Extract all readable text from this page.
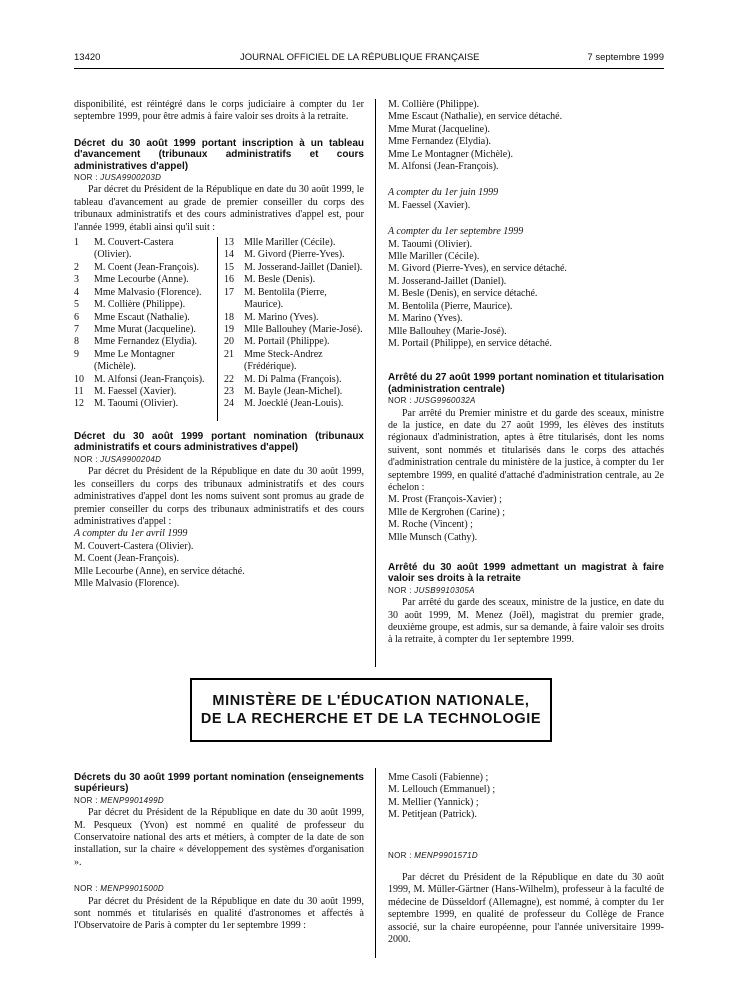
13420	JOURNAL OFFICIEL DE LA RÉPUBLIQUE FRANÇAISE	7 septembre 1999

disponibilité, est réintégré dans le corps judiciaire à compter du 1er septembre 1999, pour être admis à faire valoir ses droits à la retraite.

Décret du 30 août 1999 portant inscription à un tableau d'avancement (tribunaux administratifs et cours administratives d'appel)

NOR : JUSA9900203D

Par décret du Président de la République en date du 30 août 1999, le tableau d'avancement au grade de premier conseiller du corps des tribunaux administratifs et des cours administratives d'appel est, pour l'année 1999, établi ainsi qu'il suit :

1	M. Couvert-Castera (Olivier).
2	M. Coent (Jean-François).
3	Mme Lecourbe (Anne).
4	Mme Malvasio (Florence).
5	M. Collière (Philippe).
6	Mme Escaut (Nathalie).
7	Mme Murat (Jacqueline).
8	Mme Fernandez (Elydia).
9	Mme Le Montagner (Michèle).
10	M. Alfonsi (Jean-François).
11	M. Faessel (Xavier).
12	M. Taoumi (Olivier).
13	Mlle Mariller (Cécile).
14	M. Givord (Pierre-Yves).
15	M. Josserand-Jaillet (Daniel).
16	M. Besle (Denis).
17	M. Bentolila (Pierre, Maurice).
18	M. Marino (Yves).
19	Mlle Ballouhey (Marie-José).
20	M. Portail (Philippe).
21	Mme Steck-Andrez (Frédérique).
22	M. Di Palma (François).
23	M. Bayle (Jean-Michel).
24	M. Joecklé (Jean-Louis).

Décret du 30 août 1999 portant nomination (tribunaux administratifs et cours administratives d'appel)

NOR : JUSA9900204D

Par décret du Président de la République en date du 30 août 1999, les conseillers du corps des tribunaux administratifs et des cours administratives d'appel dont les noms suivent sont promus au grade de premier conseiller du corps des tribunaux administratifs et des cours administratives d'appel :

A compter du 1er avril 1999

M. Couvert-Castera (Olivier).

M. Coent (Jean-François).

Mlle Lecourbe (Anne), en service détaché.

Mlle Malvasio (Florence).

M. Collière (Philippe).

Mme Escaut (Nathalie), en service détaché.

Mme Murat (Jacqueline).

Mme Fernandez (Elydia).

Mme Le Montagner (Michèle).

M. Alfonsi (Jean-François).

A compter du 1er juin 1999

M. Faessel (Xavier).

A compter du 1er septembre 1999

M. Taoumi (Olivier).

Mlle Mariller (Cécile).

M. Givord (Pierre-Yves), en service détaché.

M. Josserand-Jaillet (Daniel).

M. Besle (Denis), en service détaché.

M. Bentolila (Pierre, Maurice).

M. Marino (Yves).

Mlle Ballouhey (Marie-José).

M. Portail (Philippe), en service détaché.

Arrêté du 27 août 1999 portant nomination et titularisation (administration centrale)

NOR : JUSG9960032A

Par arrêté du Premier ministre et du garde des sceaux, ministre de la justice, en date du 27 août 1999, les élèves des instituts régionaux d'administration, aptes à être titularisés, dont les noms suivent, sont nommés et titularisés dans le corps des attachés d'administration centrale du ministère de la justice, à compter du 1er septembre 1999, en qualité d'attaché d'administration centrale, au 2e échelon :

M. Prost (François-Xavier) ;

Mlle de Kergrohen (Carine) ;

M. Roche (Vincent) ;

Mlle Munsch (Cathy).

Arrêté du 30 août 1999 admettant un magistrat à faire valoir ses droits à la retraite

NOR : JUSB9910305A

Par arrêté du garde des sceaux, ministre de la justice, en date du 30 août 1999, M. Menez (Joël), magistrat du premier grade, deuxième groupe, est admis, sur sa demande, à faire valoir ses droits à la retraite, à compter du 1er septembre 1999.

MINISTÈRE DE L'ÉDUCATION NATIONALE,
DE LA RECHERCHE ET DE LA TECHNOLOGIE

Décrets du 30 août 1999 portant nomination (enseignements supérieurs)

NOR : MENP9901499D

Par décret du Président de la République en date du 30 août 1999, M. Pesqueux (Yvon) est nommé en qualité de professeur du Conservatoire national des arts et métiers, à compter de la date de son installation, sur la chaire « développement des systèmes d'organisation ».

NOR : MENP9901500D

Par décret du Président de la République en date du 30 août 1999, sont nommés et titularisés en qualité d'astronomes et affectés à l'Observatoire de Paris à compter du 1er septembre 1999 :

Mme Casoli (Fabienne) ;

M. Lellouch (Emmanuel) ;

M. Mellier (Yannick) ;

M. Petitjean (Patrick).

NOR : MENP9901571D

Par décret du Président de la République en date du 30 août 1999, M. Müller-Gärtner (Hans-Wilhelm), professeur à la faculté de médecine de Düsseldorf (Allemagne), est nommé, à compter du 1er septembre 1999, en qualité de professeur du Collège de France associé, sur la chaire européenne, pour l'année universitaire 1999-2000.
